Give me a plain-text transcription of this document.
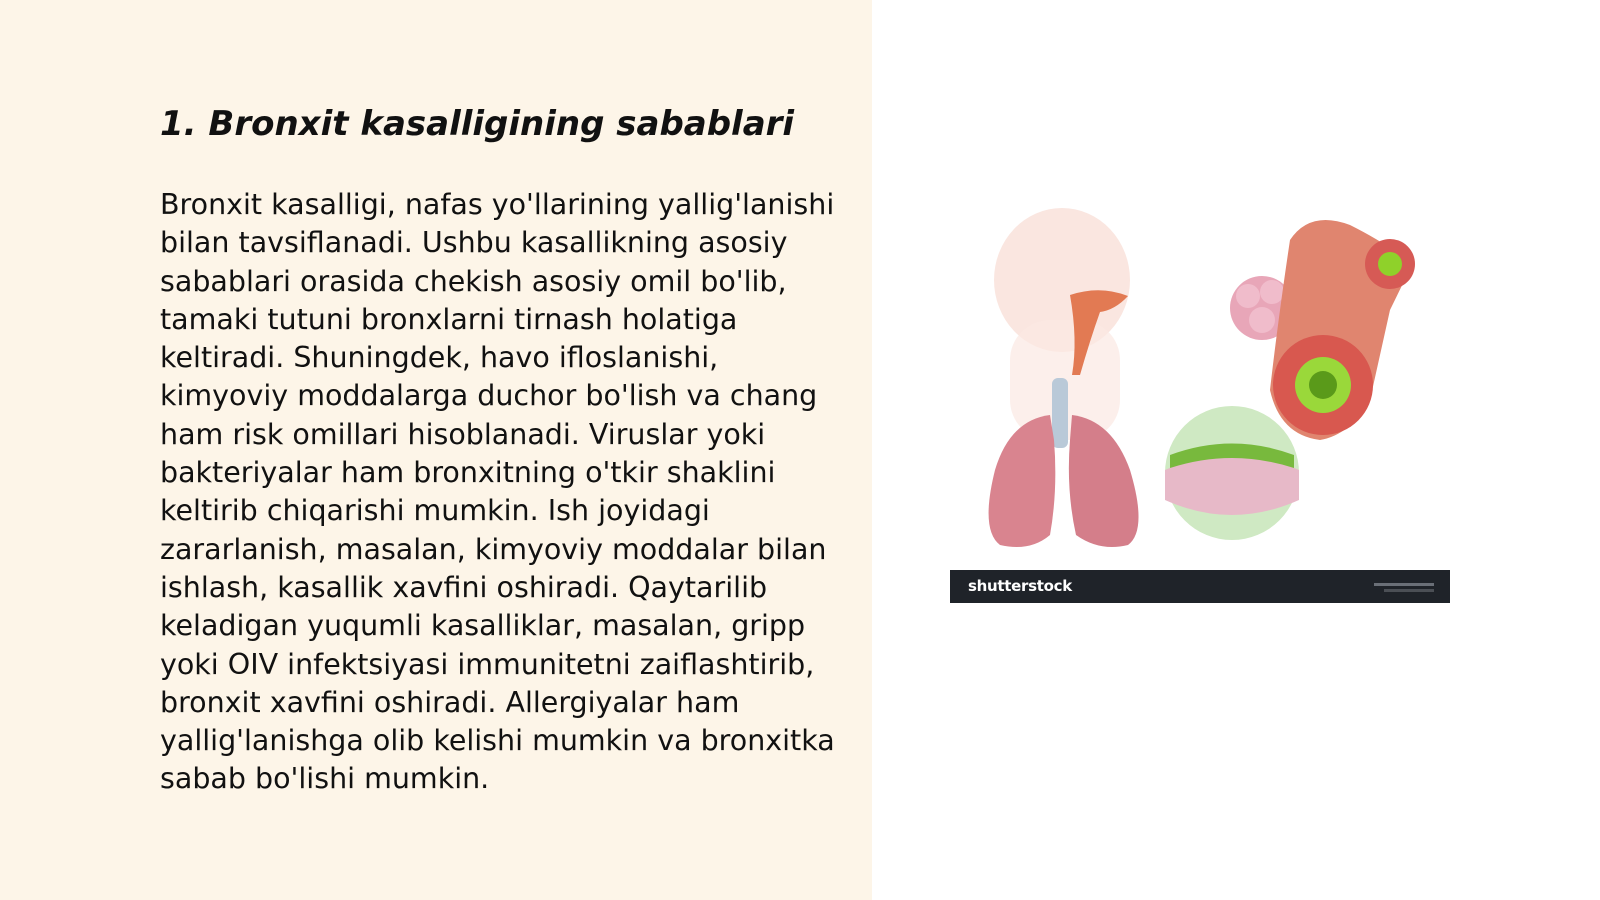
1. Bronxit kasalligining sabablari

Bronxit kasalligi, nafas yo'llarining yallig'lanishi bilan tavsiflanadi. Ushbu kasallikning asosiy sabablari orasida chekish asosiy omil bo'lib, tamaki tutuni bronxlarni tirnash holatiga keltiradi. Shuningdek, havo ifloslanishi, kimyoviy moddalarga duchor bo'lish va chang ham risk omillari hisoblanadi. Viruslar yoki bakteriyalar ham bronxitning o'tkir shaklini keltirib chiqarishi mumkin. Ish joyidagi zararlanish, masalan, kimyoviy moddalar bilan ishlash, kasallik xavfini oshiradi. Qaytarilib keladigan yuqumli kasalliklar, masalan, gripp yoki OIV infektsiyasi immunitetni zaiflashtirib, bronxit xavfini oshiradi. Allergiyalar ham yallig'lanishga olib kelishi mumkin va bronxitka sabab bo'lishi mumkin.

shutterstock
